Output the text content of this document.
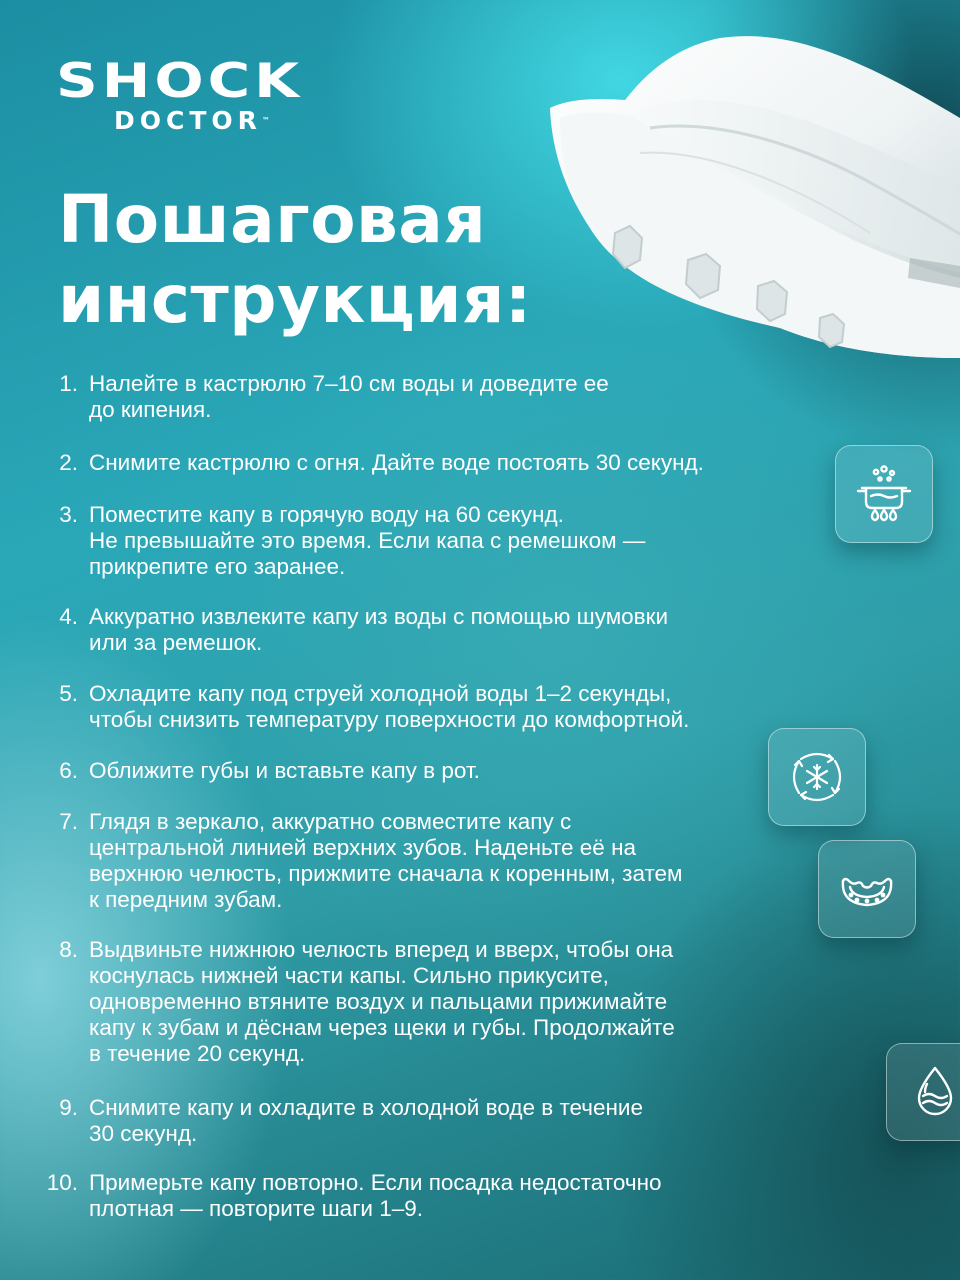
SHOCK
DOCTOR™
Пошаговая
инструкция:
1. Налейте в кастрюлю 7–10 см воды и доведите ее
до кипения.
2. Снимите кастрюлю с огня. Дайте воде постоять 30 секунд.
3. Поместите капу в горячую воду на 60 секунд.
Не превышайте это время. Если капа с ремешком —
прикрепите его заранее.
4. Аккуратно извлеките капу из воды с помощью шумовки
или за ремешок.
5. Охладите капу под струей холодной воды 1–2 секунды,
чтобы снизить температуру поверхности до комфортной.
6. Оближите губы и вставьте капу в рот.
7. Глядя в зеркало, аккуратно совместите капу с
центральной линией верхних зубов. Наденьте её на
верхнюю челюсть, прижмите сначала к коренным, затем
к передним зубам.
8. Выдвиньте нижнюю челюсть вперед и вверх, чтобы она
коснулась нижней части капы. Сильно прикусите,
одновременно втяните воздух и пальцами прижимайте
капу к зубам и дёснам через щеки и губы. Продолжайте
в течение 20 секунд.
9. Снимите капу и охладите в холодной воде в течение
30 секунд.
10. Примерьте капу повторно. Если посадка недостаточно
плотная — повторите шаги 1–9.
